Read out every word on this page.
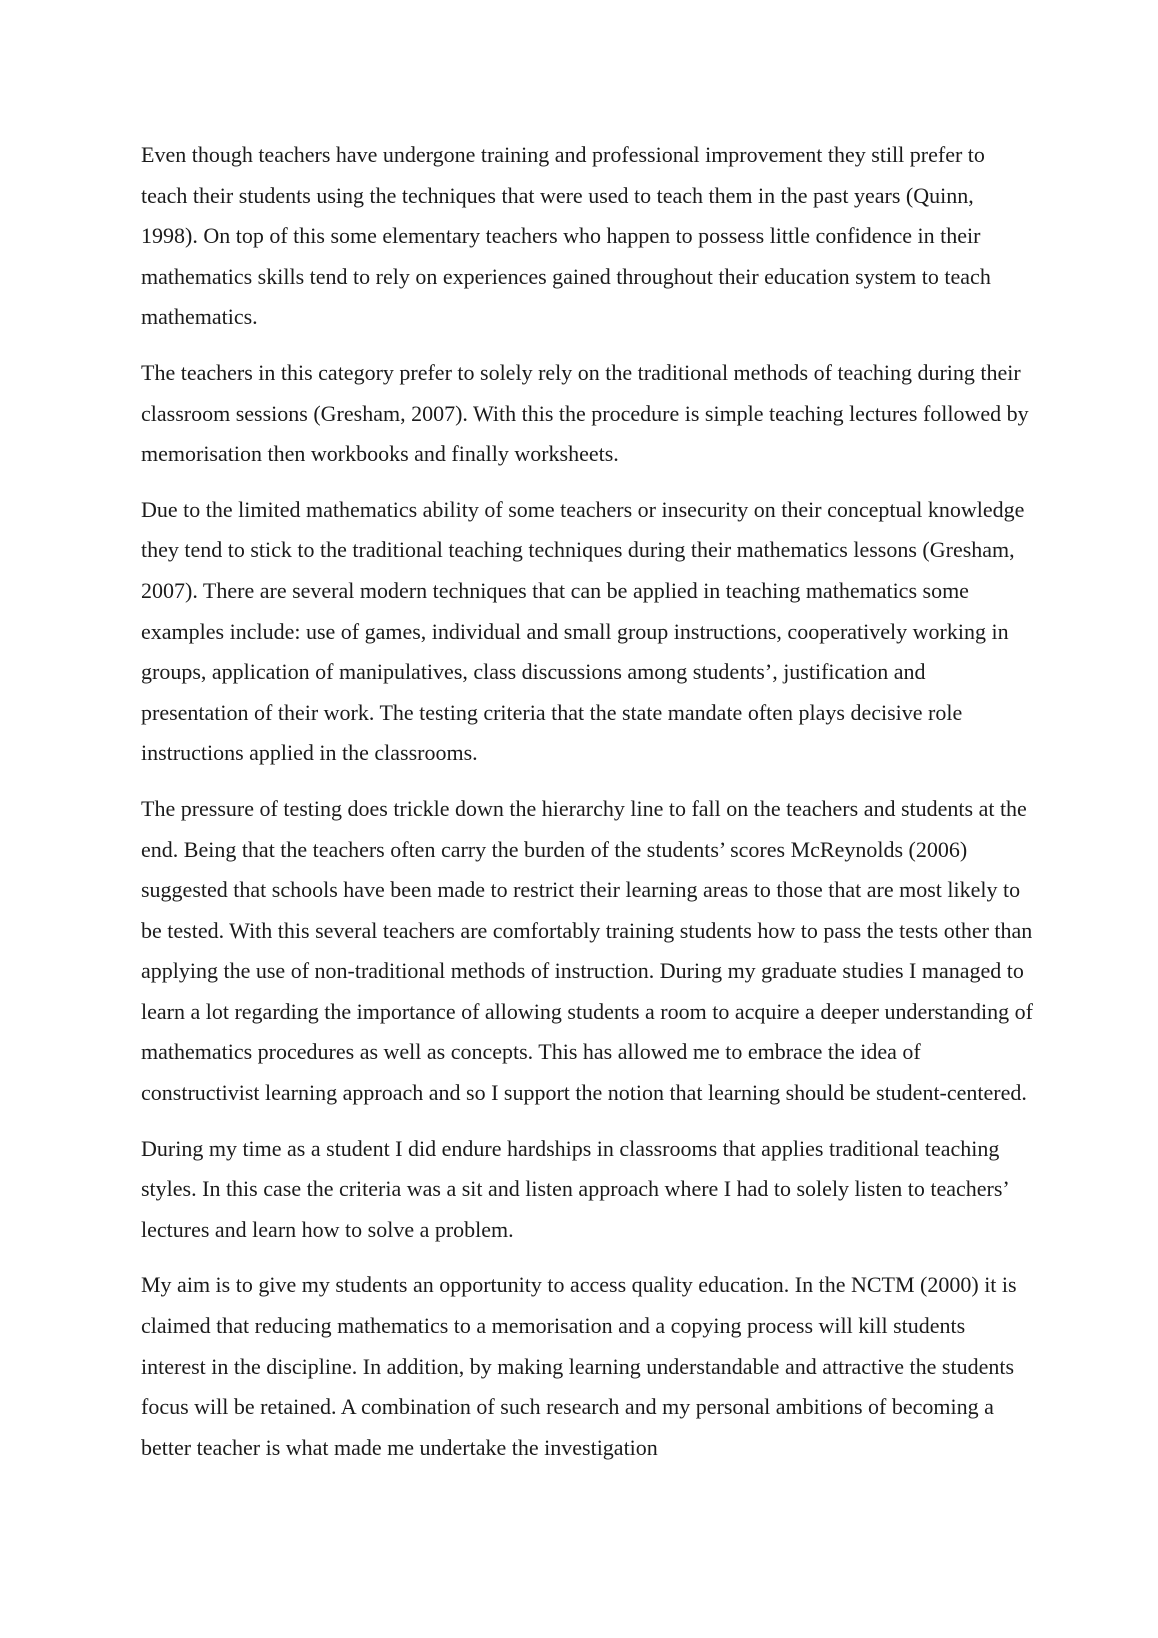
Even though teachers have undergone training and professional improvement they still prefer to teach their students using the techniques that were used to teach them in the past years (Quinn, 1998). On top of this some elementary teachers who happen to possess little confidence in their mathematics skills tend to rely on experiences gained throughout their education system to teach mathematics.

The teachers in this category prefer to solely rely on the traditional methods of teaching during their classroom sessions (Gresham, 2007). With this the procedure is simple teaching lectures followed by memorisation then workbooks and finally worksheets.

Due to the limited mathematics ability of some teachers or insecurity on their conceptual knowledge they tend to stick to the traditional teaching techniques during their mathematics lessons (Gresham, 2007). There are several modern techniques that can be applied in teaching mathematics some examples include: use of games, individual and small group instructions, cooperatively working in groups, application of manipulatives, class discussions among students’, justification and presentation of their work. The testing criteria that the state mandate often plays decisive role instructions applied in the classrooms.

The pressure of testing does trickle down the hierarchy line to fall on the teachers and students at the end. Being that the teachers often carry the burden of the students’ scores McReynolds (2006) suggested that schools have been made to restrict their learning areas to those that are most likely to be tested. With this several teachers are comfortably training students how to pass the tests other than applying the use of non-traditional methods of instruction. During my graduate studies I managed to learn a lot regarding the importance of allowing students a room to acquire a deeper understanding of mathematics procedures as well as concepts. This has allowed me to embrace the idea of constructivist learning approach and so I support the notion that learning should be student-centered.

During my time as a student I did endure hardships in classrooms that applies traditional teaching styles. In this case the criteria was a sit and listen approach where I had to solely listen to teachers’ lectures and learn how to solve a problem.

My aim is to give my students an opportunity to access quality education. In the NCTM (2000) it is claimed that reducing mathematics to a memorisation and a copying process will kill students interest in the discipline. In addition, by making learning understandable and attractive the students focus will be retained. A combination of such research and my personal ambitions of becoming a better teacher is what made me undertake the investigation
